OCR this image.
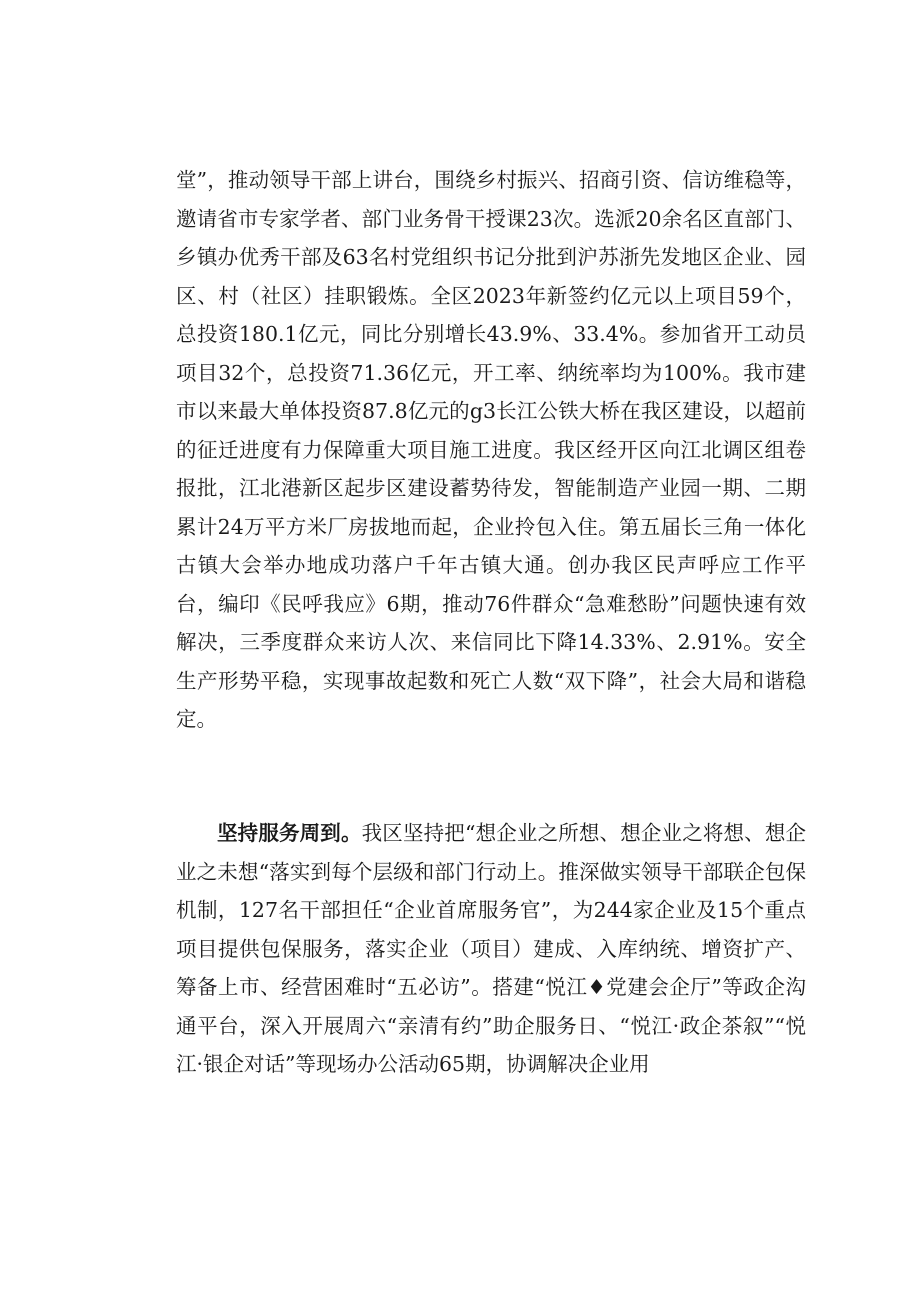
堂”，推动领导干部上讲台，围绕乡村振兴、招商引资、信访维稳等，邀请省市专家学者、部门业务骨干授课23次。选派20余名区直部门、乡镇办优秀干部及63名村党组织书记分批到沪苏浙先发地区企业、园区、村（社区）挂职锻炼。全区2023年新签约亿元以上项目59个，总投资180.1亿元，同比分别增长43.9%、33.4%。参加省开工动员项目32个，总投资71.36亿元，开工率、纳统率均为100%。我市建市以来最大单体投资87.8亿元的g3长江公铁大桥在我区建设，以超前的征迁进度有力保障重大项目施工进度。我区经开区向江北调区组卷报批，江北港新区起步区建设蓄势待发，智能制造产业园一期、二期累计24万平方米厂房拔地而起，企业拎包入住。第五届长三角一体化古镇大会举办地成功落户千年古镇大通。创办我区民声呼应工作平台，编印《民呼我应》6期，推动76件群众“急难愁盼”问题快速有效解决，三季度群众来访人次、来信同比下降14.33%、2.91%。安全生产形势平稳，实现事故起数和死亡人数“双下降”，社会大局和谐稳定。

坚持服务周到。我区坚持把“想企业之所想、想企业之将想、想企业之未想“落实到每个层级和部门行动上。推深做实领导干部联企包保机制，127名干部担任“企业首席服务官”，为244家企业及15个重点项目提供包保服务，落实企业（项目）建成、入库纳统、增资扩产、筹备上市、经营困难时“五必访”。搭建“悦江♦党建会企厅”等政企沟通平台，深入开展周六“亲清有约”助企服务日、“悦江·政企茶叙”“悦江·银企对话”等现场办公活动65期，协调解决企业用
